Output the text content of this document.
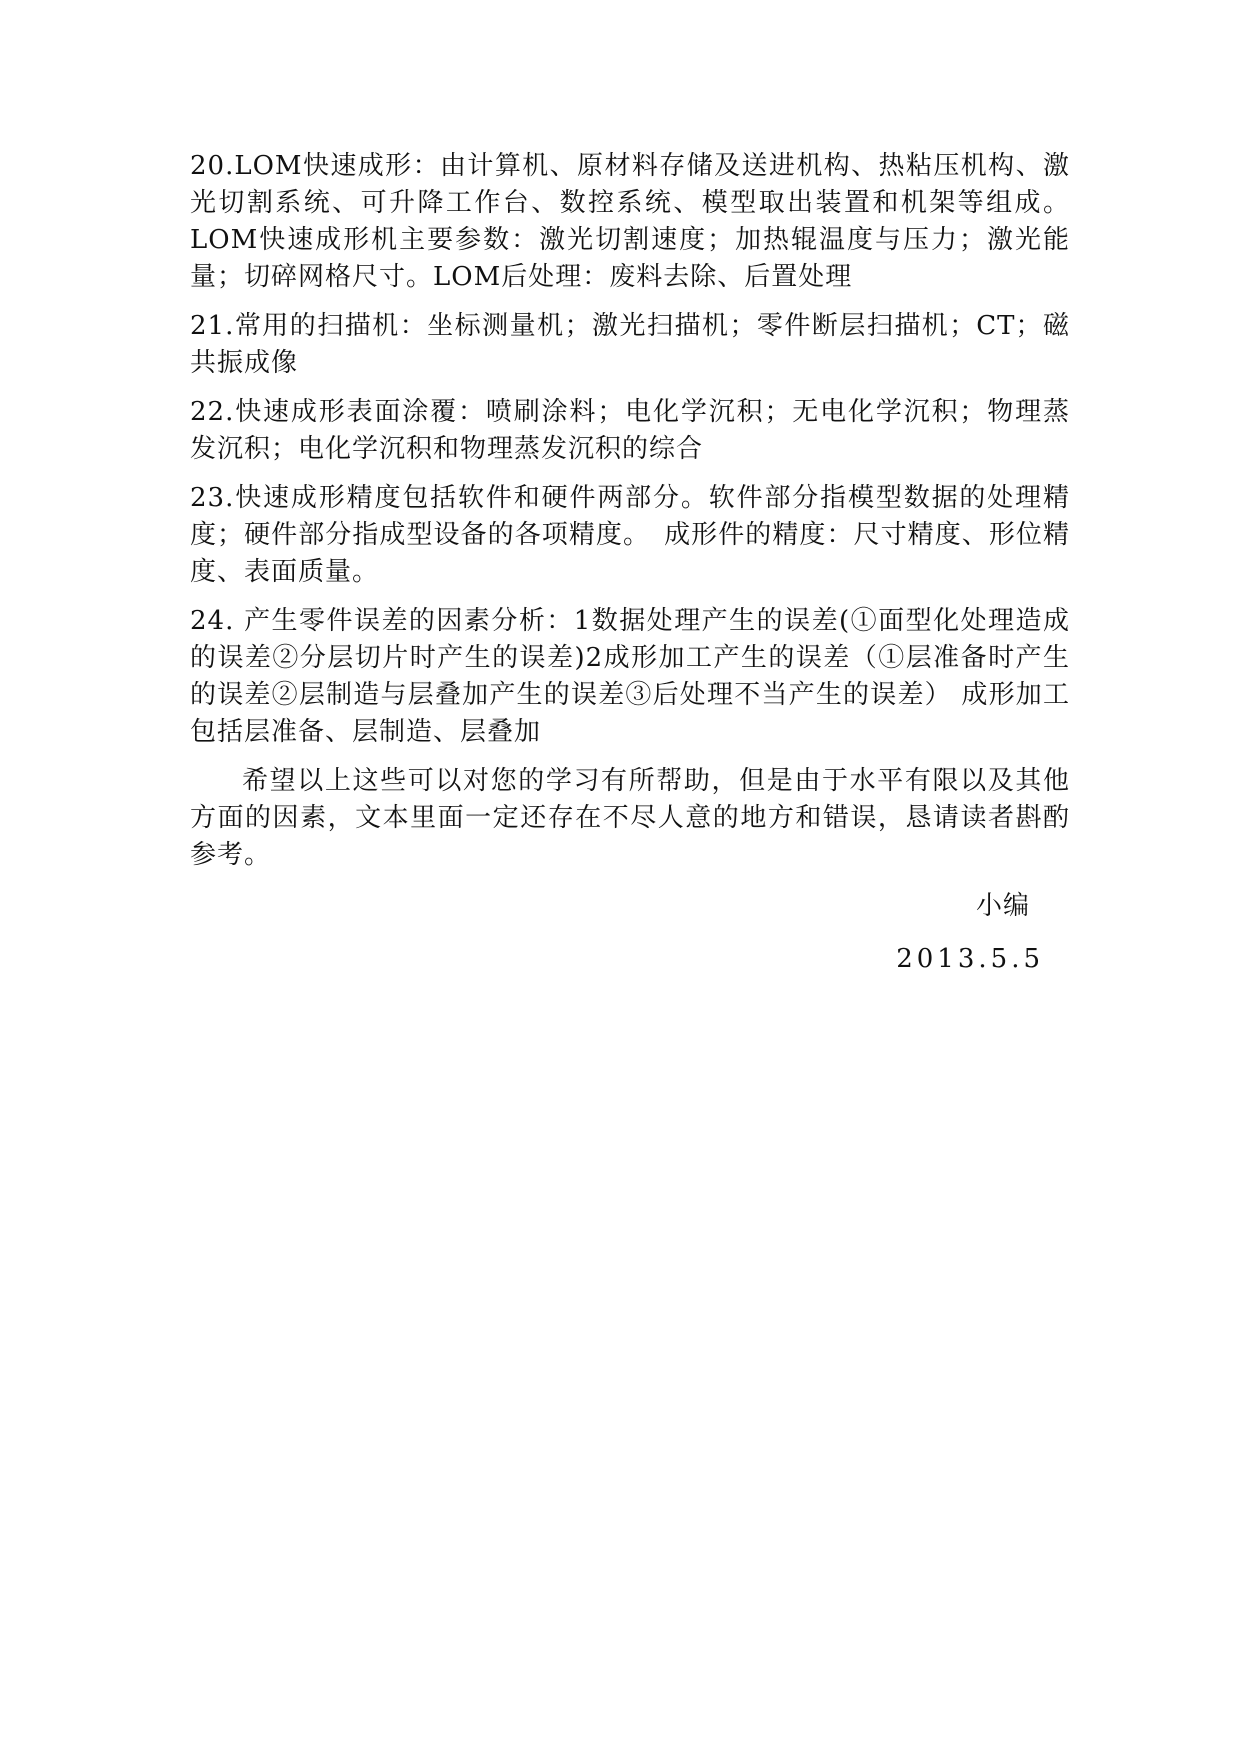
20.LOM快速成形：由计算机、原材料存储及送进机构、热粘压机构、激光切割系统、可升降工作台、数控系统、模型取出装置和机架等组成。LOM快速成形机主要参数：激光切割速度；加热辊温度与压力；激光能量；切碎网格尺寸。LOM后处理：废料去除、后置处理

21.常用的扫描机：坐标测量机；激光扫描机；零件断层扫描机；CT；磁共振成像

22.快速成形表面涂覆：喷刷涂料；电化学沉积；无电化学沉积；物理蒸发沉积；电化学沉积和物理蒸发沉积的综合

23.快速成形精度包括软件和硬件两部分。软件部分指模型数据的处理精度；硬件部分指成型设备的各项精度。　成形件的精度：尺寸精度、形位精度、表面质量。

24. 产生零件误差的因素分析：1数据处理产生的误差(①面型化处理造成的误差②分层切片时产生的误差)2成形加工产生的误差（①层准备时产生的误差②层制造与层叠加产生的误差③后处理不当产生的误差） 成形加工包括层准备、层制造、层叠加

希望以上这些可以对您的学习有所帮助，但是由于水平有限以及其他方面的因素，文本里面一定还存在不尽人意的地方和错误，恳请读者斟酌参考。

小编

2013.5.5
